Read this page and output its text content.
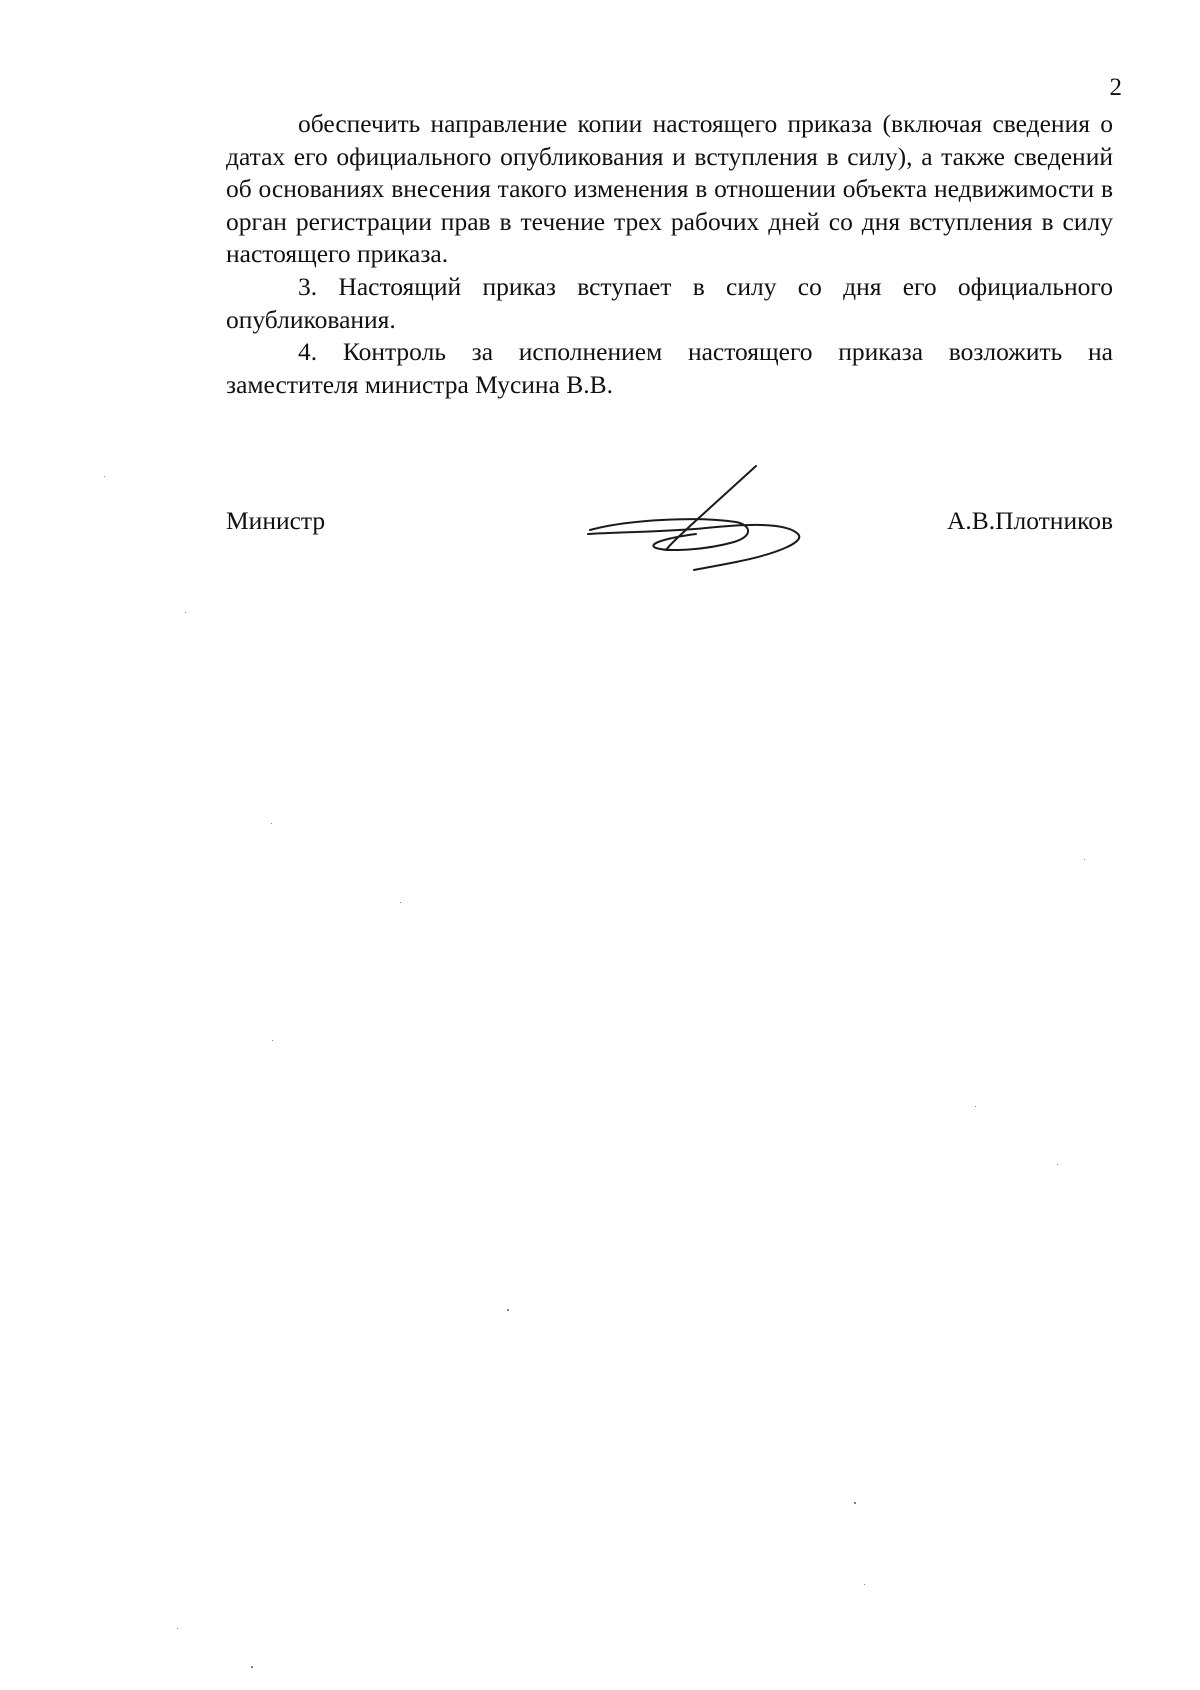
2

обеспечить направление копии настоящего приказа (включая сведения о датах его официального опубликования и вступления в силу), а также сведений об основаниях внесения такого изменения в отношении объекта недвижимости в орган регистрации прав в течение трех рабочих дней со дня вступления в силу настоящего приказа.

3. Настоящий приказ вступает в силу со дня его официального опубликования.

4. Контроль за исполнением настоящего приказа возложить на заместителя министра Мусина В.В.

Министр	А.В.Плотников
